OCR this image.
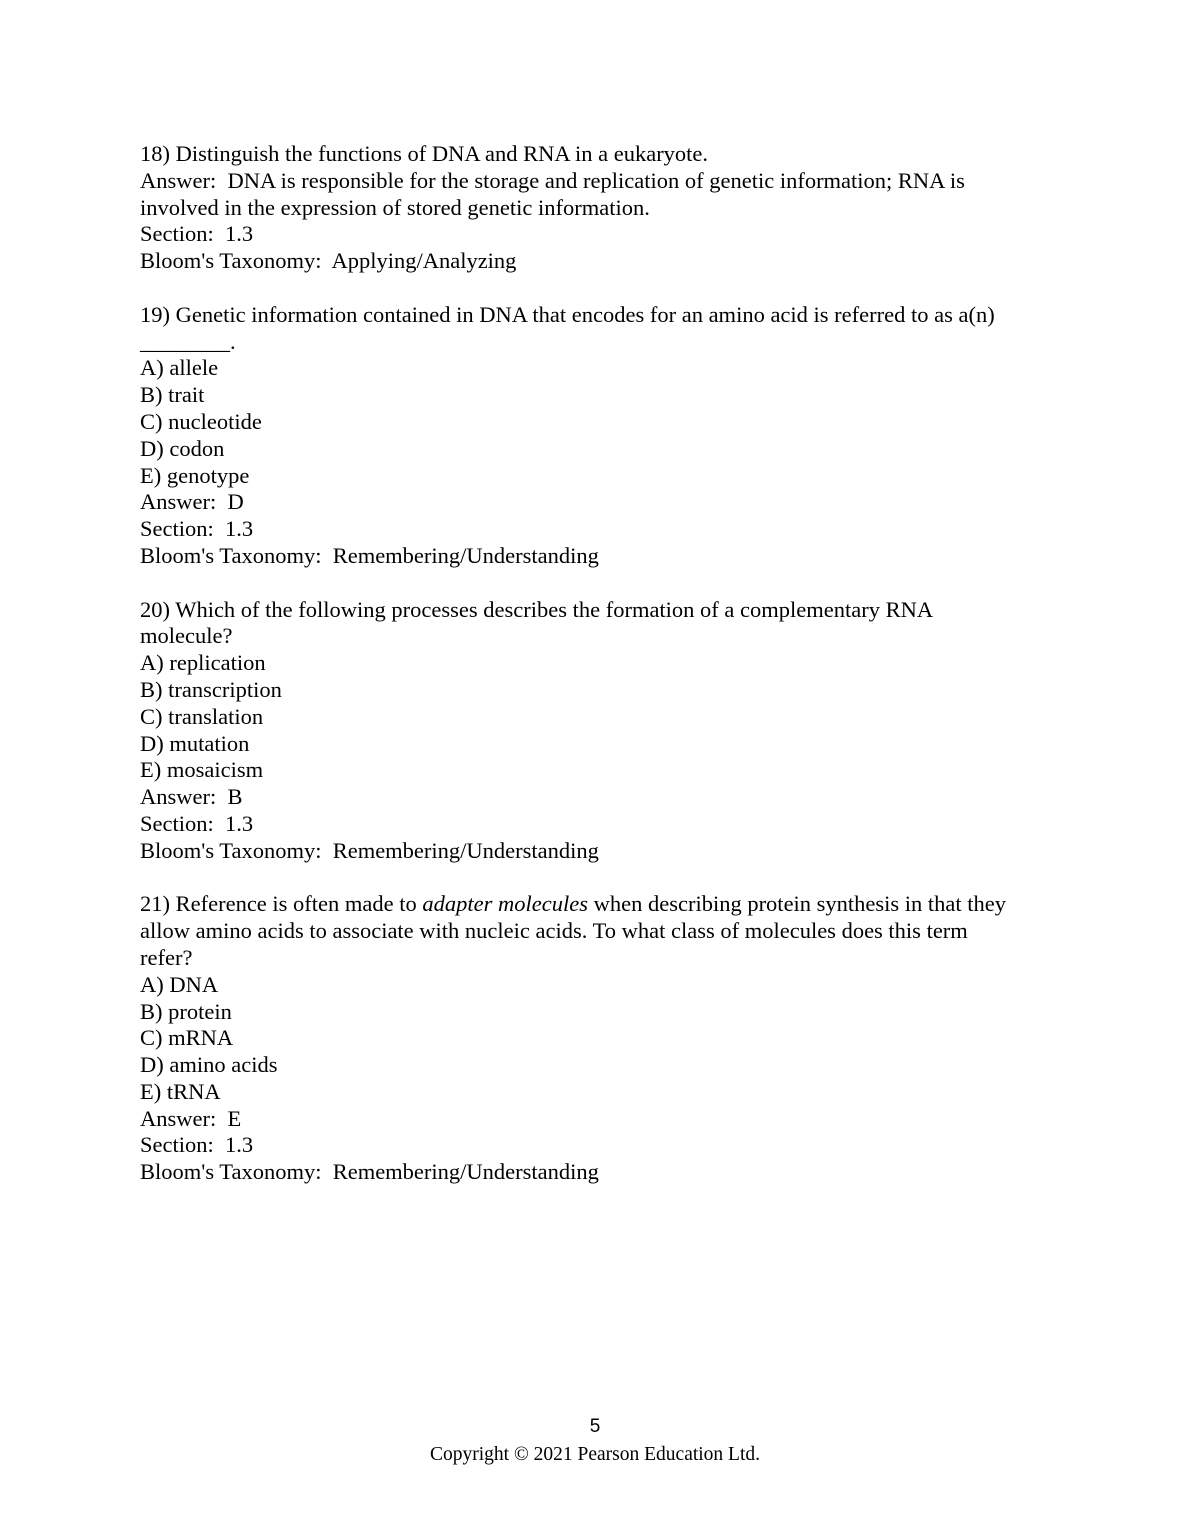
18) Distinguish the functions of DNA and RNA in a eukaryote.
Answer:  DNA is responsible for the storage and replication of genetic information; RNA is
involved in the expression of stored genetic information.
Section:  1.3
Bloom's Taxonomy:  Applying/Analyzing
19) Genetic information contained in DNA that encodes for an amino acid is referred to as a(n)
________.
A) allele
B) trait
C) nucleotide
D) codon
E) genotype
Answer:  D
Section:  1.3
Bloom's Taxonomy:  Remembering/Understanding
20) Which of the following processes describes the formation of a complementary RNA
molecule?
A) replication
B) transcription
C) translation
D) mutation
E) mosaicism
Answer:  B
Section:  1.3
Bloom's Taxonomy:  Remembering/Understanding
21) Reference is often made to adapter molecules when describing protein synthesis in that they
allow amino acids to associate with nucleic acids. To what class of molecules does this term
refer?
A) DNA
B) protein
C) mRNA
D) amino acids
E) tRNA
Answer:  E
Section:  1.3
Bloom's Taxonomy:  Remembering/Understanding
5
Copyright © 2021 Pearson Education Ltd.
